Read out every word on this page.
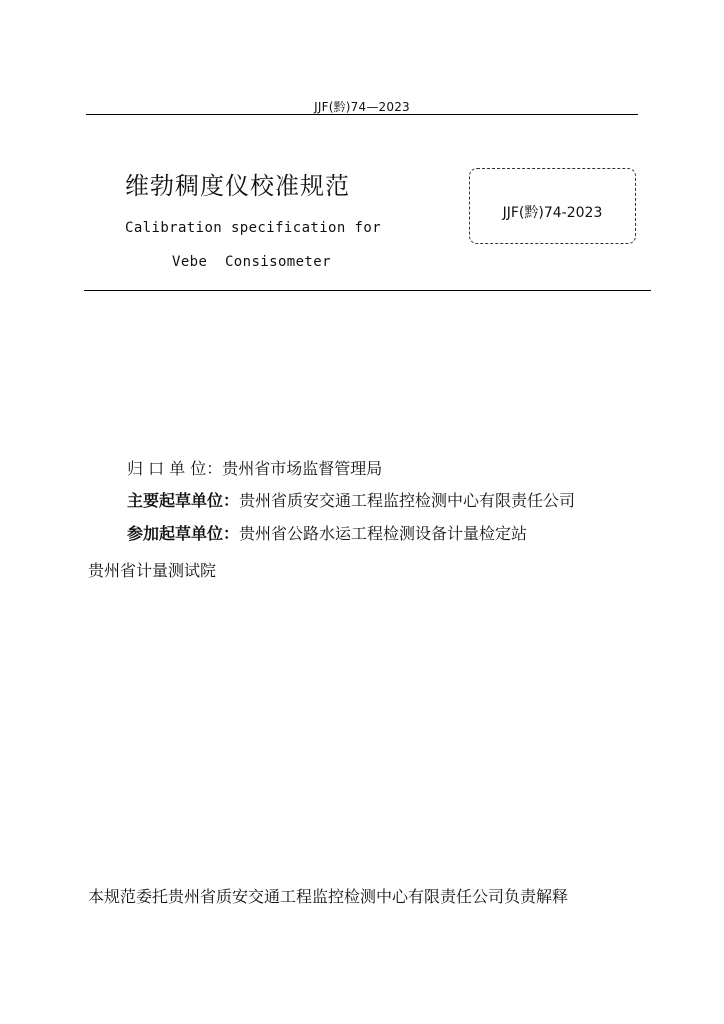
JJF(黔)74—2023
维勃稠度仪校准规范
Calibration specification for
Vebe  Consisometer
JJF(黔)74-2023
归 口 单 位：贵州省市场监督管理局
主要起草单位：贵州省质安交通工程监控检测中心有限责任公司
参加起草单位：贵州省公路水运工程检测设备计量检定站
贵州省计量测试院
本规范委托贵州省质安交通工程监控检测中心有限责任公司负责解释
